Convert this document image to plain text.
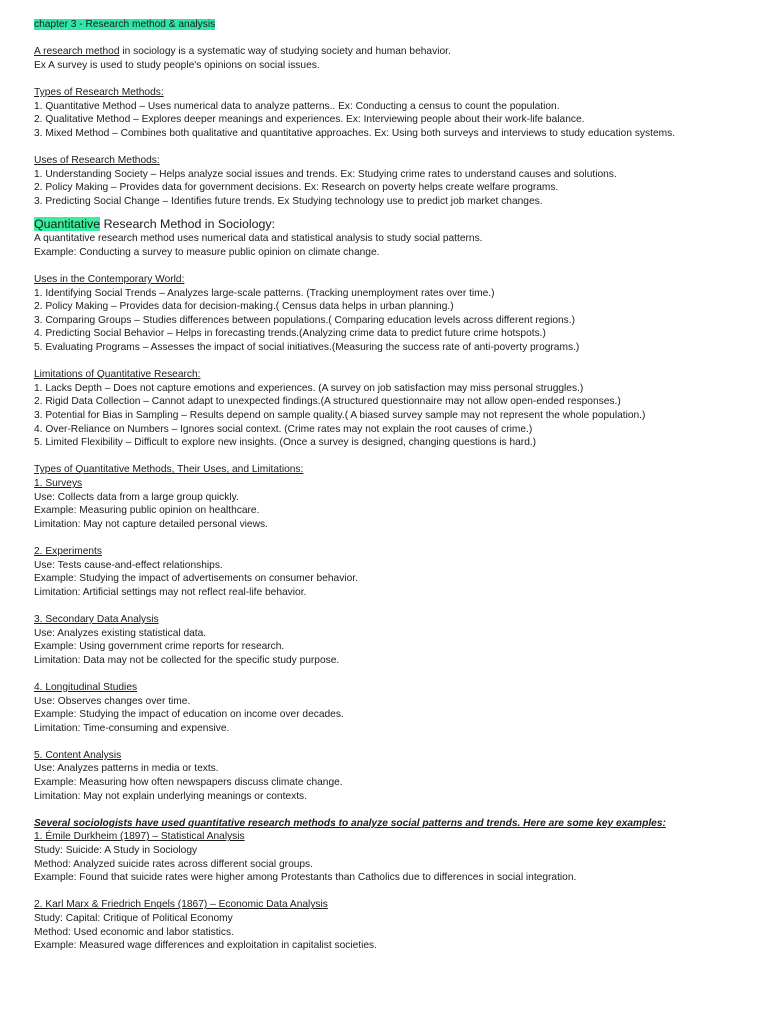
chapter 3 - Research method & analysis
A research method in sociology is a systematic way of studying society and human behavior.
Ex A survey is used to study people's opinions on social issues.
Types of Research Methods:
1. Quantitative Method – Uses numerical data to analyze patterns.. Ex: Conducting a census to count the population.
2. Qualitative Method – Explores deeper meanings and experiences. Ex: Interviewing people about their work-life balance.
3. Mixed Method – Combines both qualitative and quantitative approaches. Ex: Using both surveys and interviews to study education systems.
Uses of Research Methods:
1. Understanding Society – Helps analyze social issues and trends. Ex: Studying crime rates to understand causes and solutions.
2. Policy Making – Provides data for government decisions. Ex: Research on poverty helps create welfare programs.
3. Predicting Social Change – Identifies future trends. Ex Studying technology use to predict job market changes.
Quantitative Research Method in Sociology:
A quantitative research method uses numerical data and statistical analysis to study social patterns.
Example: Conducting a survey to measure public opinion on climate change.
Uses in the Contemporary World:
1. Identifying Social Trends – Analyzes large-scale patterns. (Tracking unemployment rates over time.)
2. Policy Making – Provides data for decision-making.( Census data helps in urban planning.)
3. Comparing Groups – Studies differences between populations.( Comparing education levels across different regions.)
4. Predicting Social Behavior – Helps in forecasting trends.(Analyzing crime data to predict future crime hotspots.)
5. Evaluating Programs – Assesses the impact of social initiatives.(Measuring the success rate of anti-poverty programs.)
Limitations of Quantitative Research:
1. Lacks Depth – Does not capture emotions and experiences. (A survey on job satisfaction may miss personal struggles.)
2. Rigid Data Collection – Cannot adapt to unexpected findings.(A structured questionnaire may not allow open-ended responses.)
3. Potential for Bias in Sampling – Results depend on sample quality.( A biased survey sample may not represent the whole population.)
4. Over-Reliance on Numbers – Ignores social context. (Crime rates may not explain the root causes of crime.)
5. Limited Flexibility – Difficult to explore new insights. (Once a survey is designed, changing questions is hard.)
Types of Quantitative Methods, Their Uses, and Limitations:
1. Surveys
Use: Collects data from a large group quickly.
Example: Measuring public opinion on healthcare.
Limitation: May not capture detailed personal views.
2. Experiments
Use: Tests cause-and-effect relationships.
Example: Studying the impact of advertisements on consumer behavior.
Limitation: Artificial settings may not reflect real-life behavior.
3. Secondary Data Analysis
Use: Analyzes existing statistical data.
Example: Using government crime reports for research.
Limitation: Data may not be collected for the specific study purpose.
4. Longitudinal Studies
Use: Observes changes over time.
Example: Studying the impact of education on income over decades.
Limitation: Time-consuming and expensive.
5. Content Analysis
Use: Analyzes patterns in media or texts.
Example: Measuring how often newspapers discuss climate change.
Limitation: May not explain underlying meanings or contexts.
Several sociologists have used quantitative research methods to analyze social patterns and trends. Here are some key examples:
1. Émile Durkheim (1897) – Statistical Analysis
Study: Suicide: A Study in Sociology
Method: Analyzed suicide rates across different social groups.
Example: Found that suicide rates were higher among Protestants than Catholics due to differences in social integration.
2. Karl Marx & Friedrich Engels (1867) – Economic Data Analysis
Study: Capital: Critique of Political Economy
Method: Used economic and labor statistics.
Example: Measured wage differences and exploitation in capitalist societies.
